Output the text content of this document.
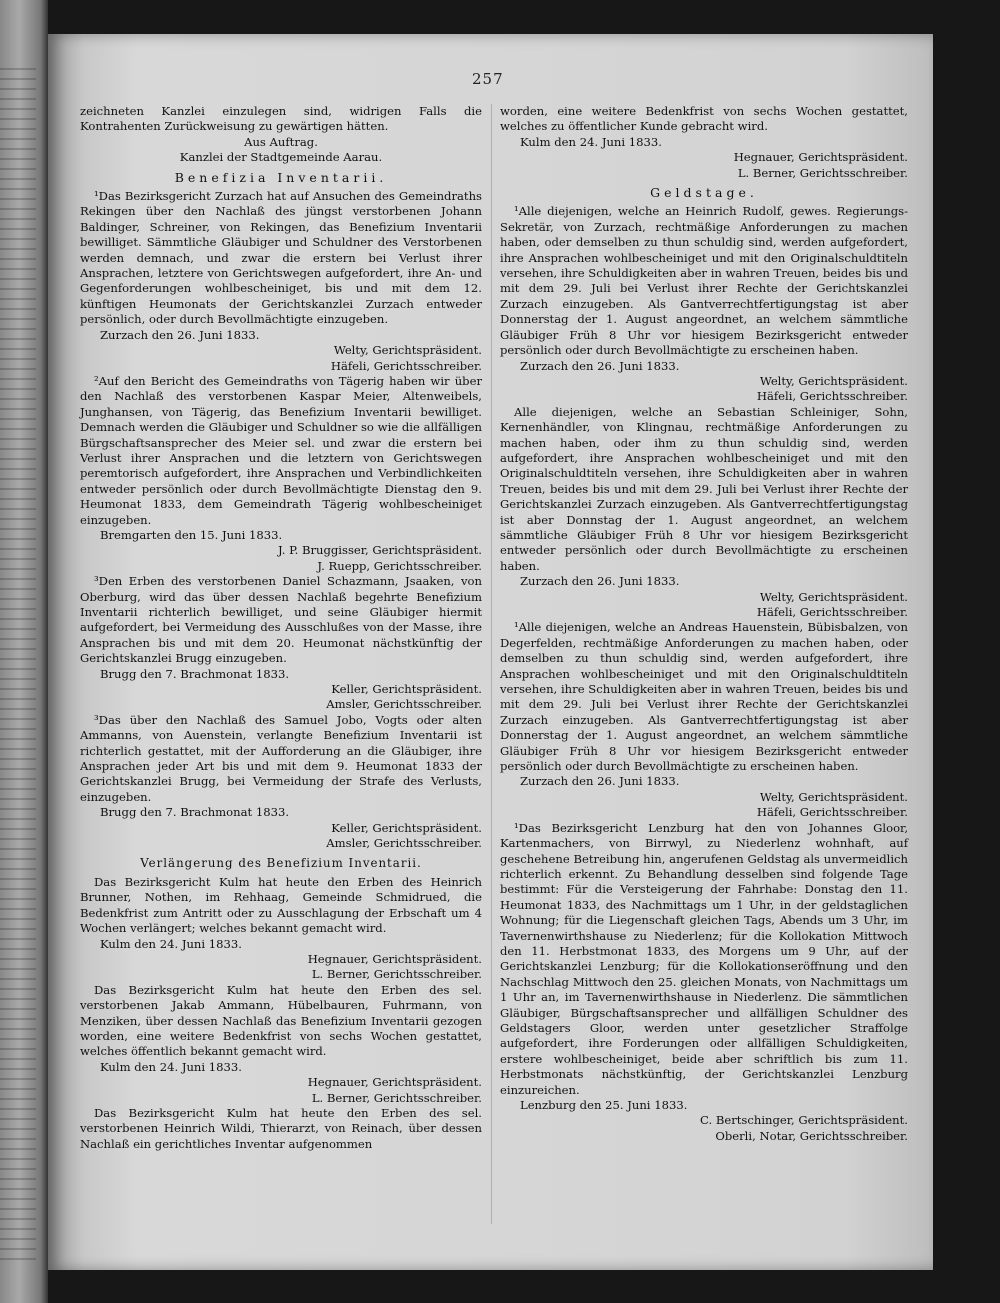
257

zeichneten Kanzlei einzulegen sind, widrigen Falls die Kontrahenten Zurückweisung zu gewärtigen hätten.

Aus Auftrag.

Kanzlei der Stadtgemeinde Aarau.

Benefizia Inventarii.

¹Das Bezirksgericht Zurzach hat auf Ansuchen des Gemeindraths Rekingen über den Nachlaß des jüngst verstorbenen Johann Baldinger, Schreiner, von Rekingen, das Benefizium Inventarii bewilliget. Sämmtliche Gläubiger und Schuldner des Verstorbenen werden demnach, und zwar die erstern bei Verlust ihrer Ansprachen, letztere von Gerichtswegen aufgefordert, ihre An- und Gegenforderungen wohlbescheiniget, bis und mit dem 12. künftigen Heumonats der Gerichtskanzlei Zurzach entweder persönlich, oder durch Bevollmächtigte einzugeben.

Zurzach den 26. Juni 1833.

Welty, Gerichtspräsident.

Häfeli, Gerichtsschreiber.

²Auf den Bericht des Gemeindraths von Tägerig haben wir über den Nachlaß des verstorbenen Kaspar Meier, Altenweibels, Junghansen, von Tägerig, das Benefizium Inventarii bewilliget. Demnach werden die Gläubiger und Schuldner so wie die allfälligen Bürgschaftsansprecher des Meier sel. und zwar die erstern bei Verlust ihrer Ansprachen und die letztern von Gerichtswegen peremtorisch aufgefordert, ihre Ansprachen und Verbindlichkeiten entweder persönlich oder durch Bevollmächtigte Dienstag den 9. Heumonat 1833, dem Gemeindrath Tägerig wohlbescheiniget einzugeben.

Bremgarten den 15. Juni 1833.

J. P. Bruggisser, Gerichtspräsident.

J. Ruepp, Gerichtsschreiber.

³Den Erben des verstorbenen Daniel Schazmann, Jsaaken, von Oberburg, wird das über dessen Nachlaß begehrte Benefizium Inventarii richterlich bewilliget, und seine Gläubiger hiermit aufgefordert, bei Vermeidung des Ausschlußes von der Masse, ihre Ansprachen bis und mit dem 20. Heumonat nächstkünftig der Gerichtskanzlei Brugg einzugeben.

Brugg den 7. Brachmonat 1833.

Keller, Gerichtspräsident.

Amsler, Gerichtsschreiber.

³Das über den Nachlaß des Samuel Jobo, Vogts oder alten Ammanns, von Auenstein, verlangte Benefizium Inventarii ist richterlich gestattet, mit der Aufforderung an die Gläubiger, ihre Ansprachen jeder Art bis und mit dem 9. Heumonat 1833 der Gerichtskanzlei Brugg, bei Vermeidung der Strafe des Verlusts, einzugeben.

Brugg den 7. Brachmonat 1833.

Keller, Gerichtspräsident.

Amsler, Gerichtsschreiber.

Verlängerung des Benefizium Inventarii.

Das Bezirksgericht Kulm hat heute den Erben des Heinrich Brunner, Nothen, im Rehhaag, Gemeinde Schmidrued, die Bedenkfrist zum Antritt oder zu Ausschlagung der Erbschaft um 4 Wochen verlängert; welches bekannt gemacht wird.

Kulm den 24. Juni 1833.

Hegnauer, Gerichtspräsident.

L. Berner, Gerichtsschreiber.

Das Bezirksgericht Kulm hat heute den Erben des sel. verstorbenen Jakab Ammann, Hübelbauren, Fuhrmann, von Menziken, über dessen Nachlaß das Benefizium Inventarii gezogen worden, eine weitere Bedenkfrist von sechs Wochen gestattet, welches öffentlich bekannt gemacht wird.

Kulm den 24. Juni 1833.

Hegnauer, Gerichtspräsident.

L. Berner, Gerichtsschreiber.

Das Bezirksgericht Kulm hat heute den Erben des sel. verstorbenen Heinrich Wildi, Thierarzt, von Reinach, über dessen Nachlaß ein gerichtliches Inventar aufgenommen

worden, eine weitere Bedenkfrist von sechs Wochen gestattet, welches zu öffentlicher Kunde gebracht wird.

Kulm den 24. Juni 1833.

Hegnauer, Gerichtspräsident.

L. Berner, Gerichtsschreiber.

Geldstage.

¹Alle diejenigen, welche an Heinrich Rudolf, gewes. Regierungs-Sekretär, von Zurzach, rechtmäßige Anforderungen zu machen haben, oder demselben zu thun schuldig sind, werden aufgefordert, ihre Ansprachen wohlbescheiniget und mit den Originalschuldtiteln versehen, ihre Schuldigkeiten aber in wahren Treuen, beides bis und mit dem 29. Juli bei Verlust ihrer Rechte der Gerichtskanzlei Zurzach einzugeben. Als Gantverrechtfertigungstag ist aber Donnerstag der 1. August angeordnet, an welchem sämmtliche Gläubiger Früh 8 Uhr vor hiesigem Bezirksgericht entweder persönlich oder durch Bevollmächtigte zu erscheinen haben.

Zurzach den 26. Juni 1833.

Welty, Gerichtspräsident.

Häfeli, Gerichtsschreiber.

Alle diejenigen, welche an Sebastian Schleiniger, Sohn, Kernenhändler, von Klingnau, rechtmäßige Anforderungen zu machen haben, oder ihm zu thun schuldig sind, werden aufgefordert, ihre Ansprachen wohlbescheiniget und mit den Originalschuldtiteln versehen, ihre Schuldigkeiten aber in wahren Treuen, beides bis und mit dem 29. Juli bei Verlust ihrer Rechte der Gerichtskanzlei Zurzach einzugeben. Als Gantverrechtfertigungstag ist aber Donnstag der 1. August angeordnet, an welchem sämmtliche Gläubiger Früh 8 Uhr vor hiesigem Bezirksgericht entweder persönlich oder durch Bevollmächtigte zu erscheinen haben.

Zurzach den 26. Juni 1833.

Welty, Gerichtspräsident.

Häfeli, Gerichtsschreiber.

¹Alle diejenigen, welche an Andreas Hauenstein, Bübisbalzen, von Degerfelden, rechtmäßige Anforderungen zu machen haben, oder demselben zu thun schuldig sind, werden aufgefordert, ihre Ansprachen wohlbescheiniget und mit den Originalschuldtiteln versehen, ihre Schuldigkeiten aber in wahren Treuen, beides bis und mit dem 29. Juli bei Verlust ihrer Rechte der Gerichtskanzlei Zurzach einzugeben. Als Gantverrechtfertigungstag ist aber Donnerstag der 1. August angeordnet, an welchem sämmtliche Gläubiger Früh 8 Uhr vor hiesigem Bezirksgericht entweder persönlich oder durch Bevollmächtigte zu erscheinen haben.

Zurzach den 26. Juni 1833.

Welty, Gerichtspräsident.

Häfeli, Gerichtsschreiber.

¹Das Bezirksgericht Lenzburg hat den von Johannes Gloor, Kartenmachers, von Birrwyl, zu Niederlenz wohnhaft, auf geschehene Betreibung hin, angerufenen Geldstag als unvermeidlich richterlich erkennt. Zu Behandlung desselben sind folgende Tage bestimmt: Für die Versteigerung der Fahrhabe: Donstag den 11. Heumonat 1833, des Nachmittags um 1 Uhr, in der geldstaglichen Wohnung; für die Liegenschaft gleichen Tags, Abends um 3 Uhr, im Tavernenwirthshause zu Niederlenz; für die Kollokation Mittwoch den 11. Herbstmonat 1833, des Morgens um 9 Uhr, auf der Gerichtskanzlei Lenzburg; für die Kollokationseröffnung und den Nachschlag Mittwoch den 25. gleichen Monats, von Nachmittags um 1 Uhr an, im Tavernenwirthshause in Niederlenz. Die sämmtlichen Gläubiger, Bürgschaftsansprecher und allfälligen Schuldner des Geldstagers Gloor, werden unter gesetzlicher Straffolge aufgefordert, ihre Forderungen oder allfälligen Schuldigkeiten, erstere wohlbescheiniget, beide aber schriftlich bis zum 11. Herbstmonats nächstkünftig, der Gerichtskanzlei Lenzburg einzureichen.

Lenzburg den 25. Juni 1833.

C. Bertschinger, Gerichtspräsident.

Oberli, Notar, Gerichtsschreiber.
